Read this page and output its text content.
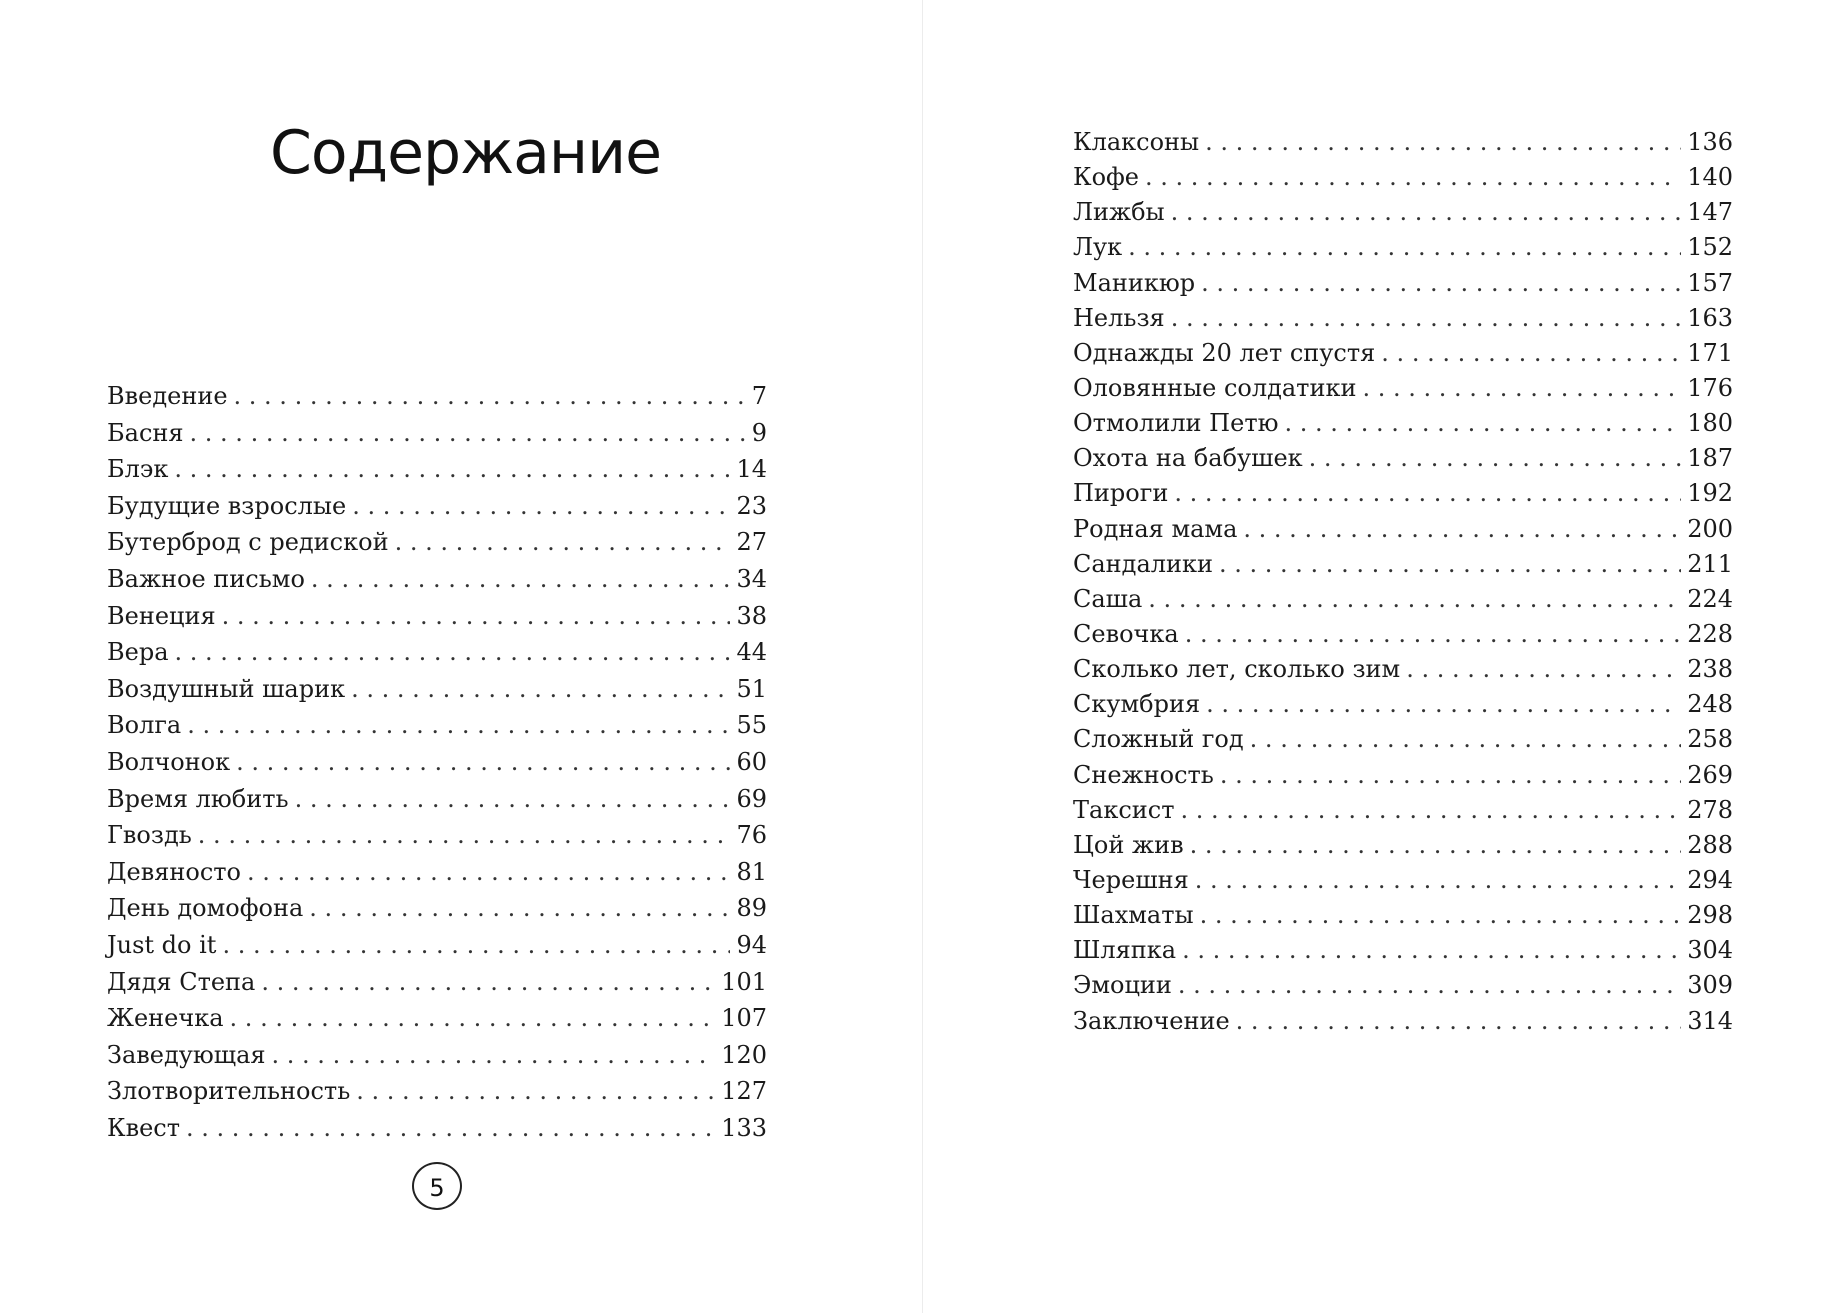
Содержание
Введение . . .	7
Басня . . .	9
Блэк . . .	14
Будущие взрослые . . .	23
Бутерброд с редиской . . .	27
Важное письмо . . .	34
Венеция . . .	38
Вера . . .	44
Воздушный шарик . . .	51
Волга . . .	55
Волчонок . . .	60
Время любить . . .	69
Гвоздь . . .	76
Девяносто . . .	81
День домофона . . .	89
Just do it . . .	94
Дядя Степа . . .	101
Женечка . . .	107
Заведующая . . .	120
Злотворительность . . .	127
Квест . . .	133
Клаксоны . . .	136
Кофе . . .	140
Лижбы . . .	147
Лук . . .	152
Маникюр . . .	157
Нельзя . . .	163
Однажды 20 лет спустя . . .	171
Оловянные солдатики . . .	176
Отмолили Петю . . .	180
Охота на бабушек . . .	187
Пироги . . .	192
Родная мама . . .	200
Сандалики . . .	211
Саша . . .	224
Севочка . . .	228
Сколько лет, сколько зим . . .	238
Скумбрия . . .	248
Сложный год . . .	258
Снежность . . .	269
Таксист . . .	278
Цой жив . . .	288
Черешня . . .	294
Шахматы . . .	298
Шляпка . . .	304
Эмоции . . .	309
Заключение . . .	314
5
